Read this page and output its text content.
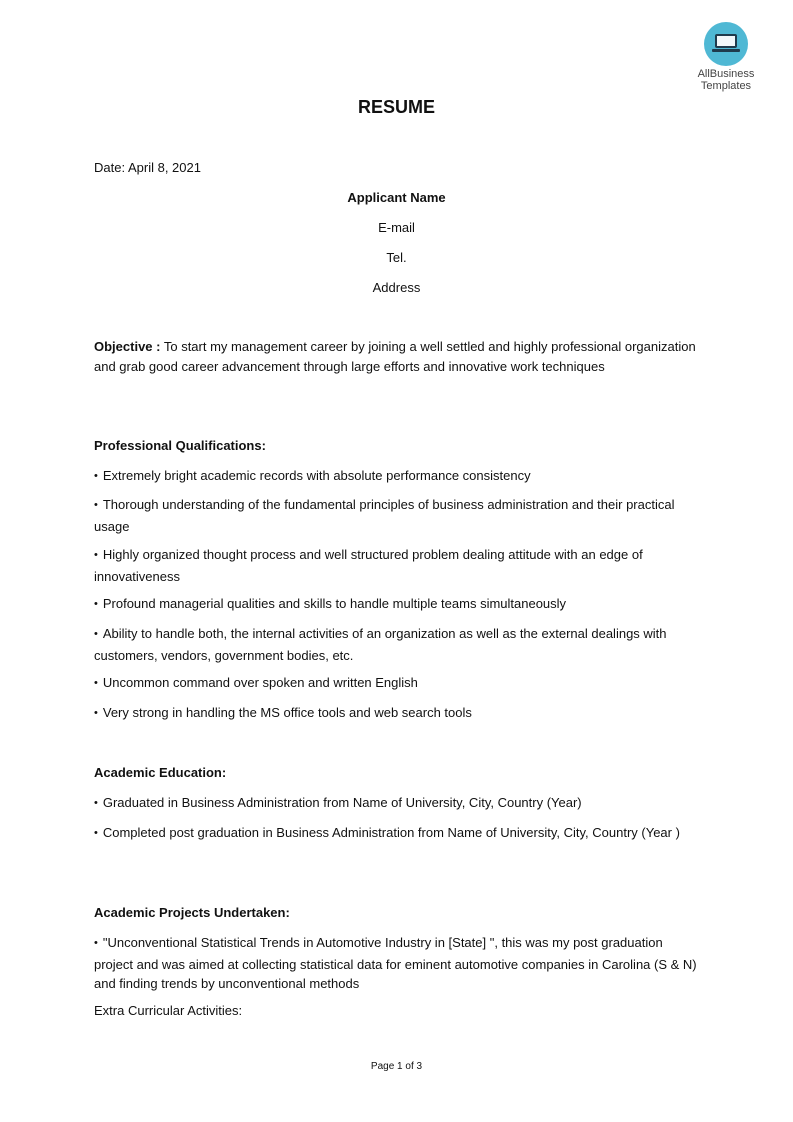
AllBusiness
Templates
RESUME
Date: April 8, 2021
Applicant Name
E-mail
Tel.
Address
Objective : To start my management career by joining a well settled and highly professional organization and grab good career advancement through large efforts and innovative work techniques
Professional Qualifications:
• Extremely bright academic records with absolute performance consistency
• Thorough understanding of the fundamental principles of business administration and their practical usage
• Highly organized thought process and well structured problem dealing attitude with an edge of innovativeness
• Profound managerial qualities and skills to handle multiple teams simultaneously
• Ability to handle both, the internal activities of an organization as well as the external dealings with customers, vendors, government bodies, etc.
• Uncommon command over spoken and written English
• Very strong in handling the MS office tools and web search tools
Academic Education:
• Graduated in Business Administration from Name of University, City, Country (Year)
• Completed post graduation in Business Administration from Name of University, City, Country (Year )
Academic Projects Undertaken:
• "Unconventional Statistical Trends in Automotive Industry in [State] ", this was my post graduation project and was aimed at collecting statistical data for eminent automotive companies in Carolina (S & N) and finding trends by unconventional methods
Extra Curricular Activities:
Page 1 of 3
